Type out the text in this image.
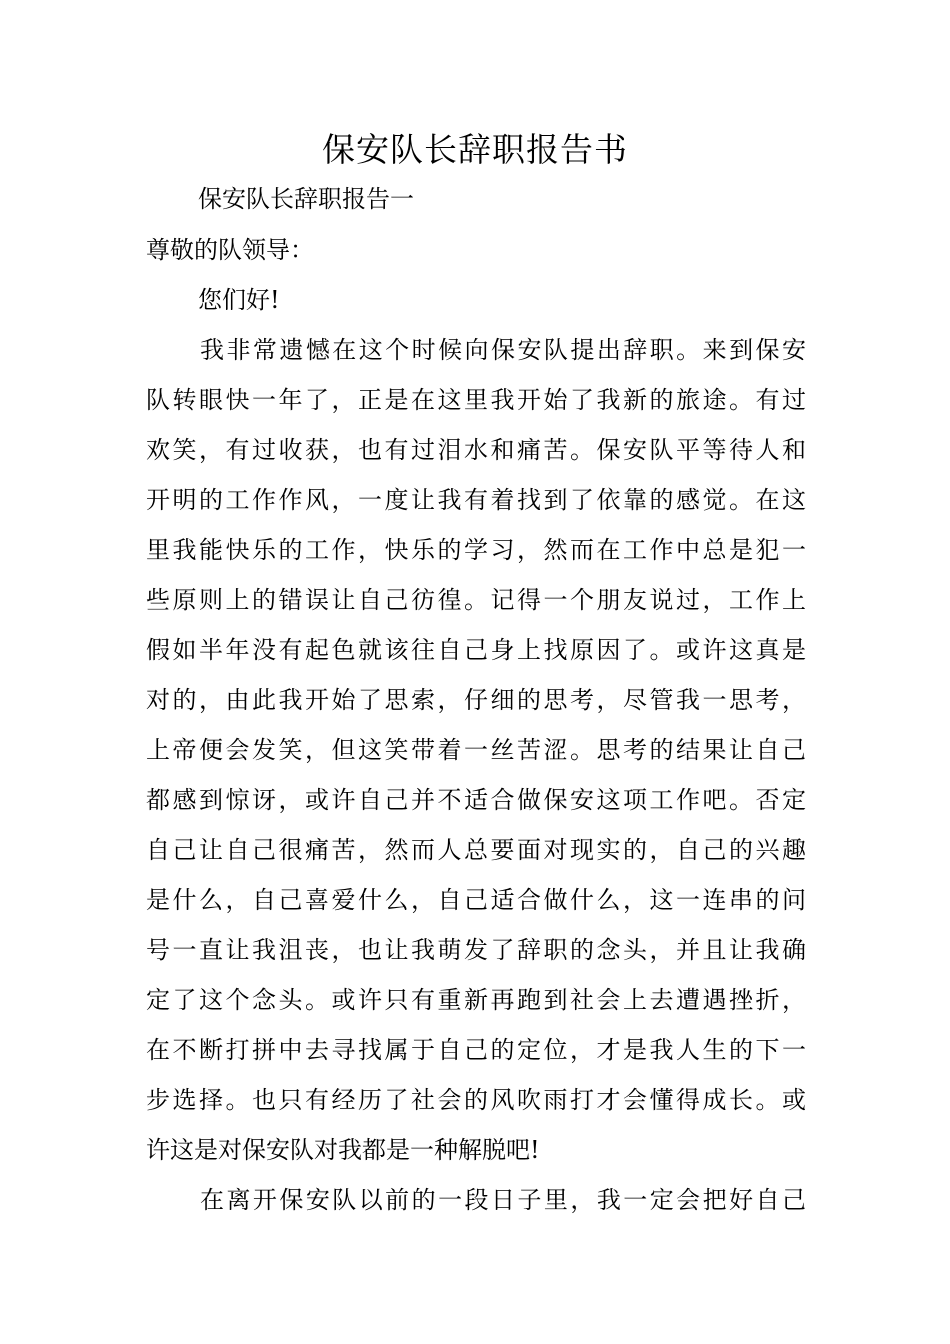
保安队长辞职报告书
保安队长辞职报告一
尊敬的队领导：
您们好!
我非常遗憾在这个时候向保安队提出辞职。来到保安
队转眼快一年了，正是在这里我开始了我新的旅途。有过
欢笑，有过收获，也有过泪水和痛苦。保安队平等待人和
开明的工作作风，一度让我有着找到了依靠的感觉。在这
里我能快乐的工作，快乐的学习，然而在工作中总是犯一
些原则上的错误让自己彷徨。记得一个朋友说过，工作上
假如半年没有起色就该往自己身上找原因了。或许这真是
对的，由此我开始了思索，仔细的思考，尽管我一思考，
上帝便会发笑，但这笑带着一丝苦涩。思考的结果让自己
都感到惊讶，或许自己并不适合做保安这项工作吧。否定
自己让自己很痛苦，然而人总要面对现实的，自己的兴趣
是什么，自己喜爱什么，自己适合做什么，这一连串的问
号一直让我沮丧，也让我萌发了辞职的念头，并且让我确
定了这个念头。或许只有重新再跑到社会上去遭遇挫折，
在不断打拼中去寻找属于自己的定位，才是我人生的下一
步选择。也只有经历了社会的风吹雨打才会懂得成长。或
许这是对保安队对我都是一种解脱吧!
在离开保安队以前的一段日子里，我一定会把好自己
